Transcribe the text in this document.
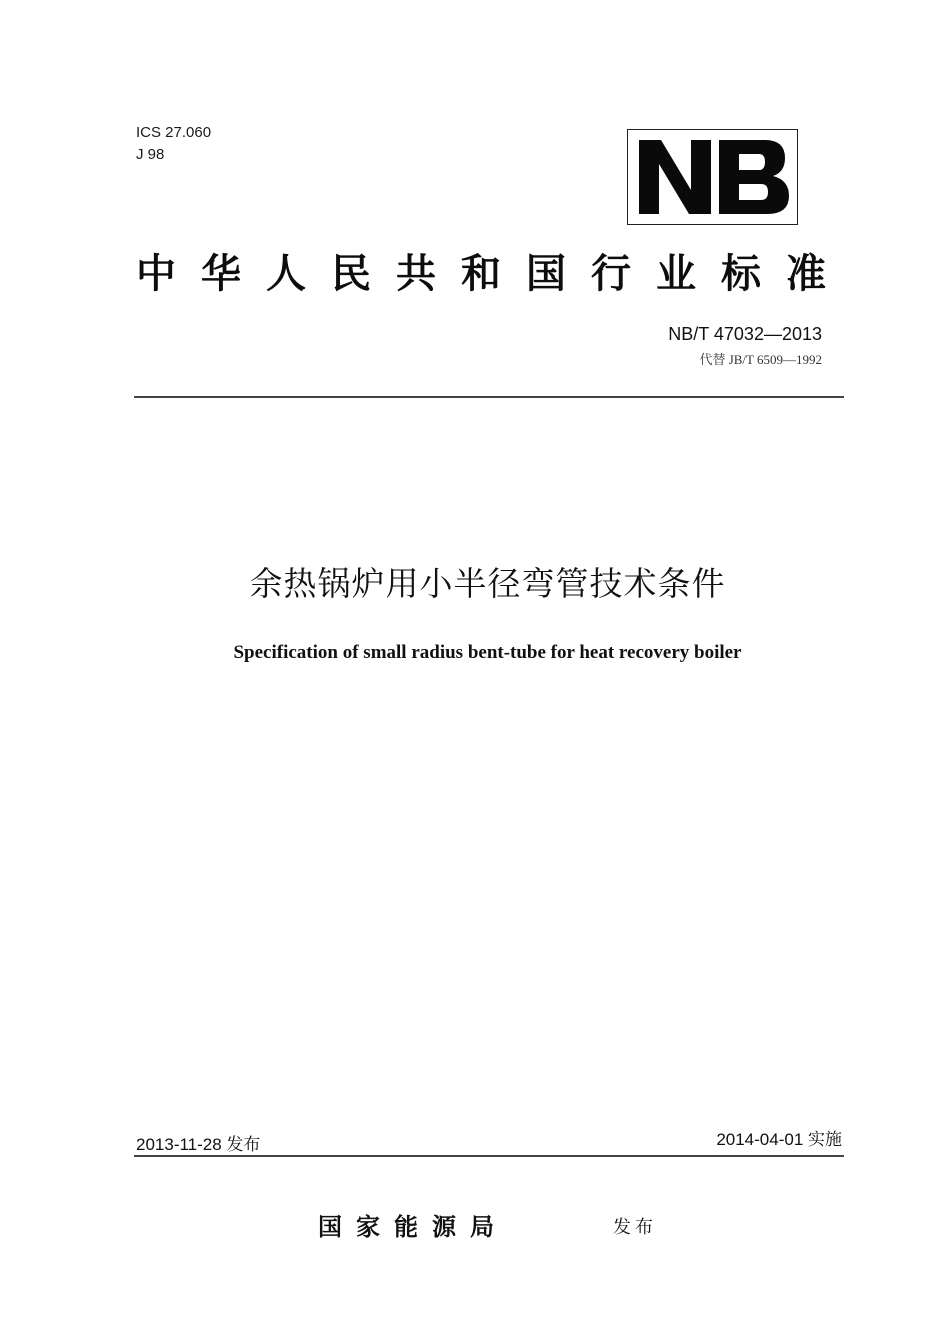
ICS 27.060
J 98
中华人民共和国行业标准
NB/T 47032—2013
代替 JB/T 6509—1992
余热锅炉用小半径弯管技术条件
Specification of small radius bent-tube for heat recovery boiler
2013-11-28 发布	2014-04-01 实施
国家能源局	发布
